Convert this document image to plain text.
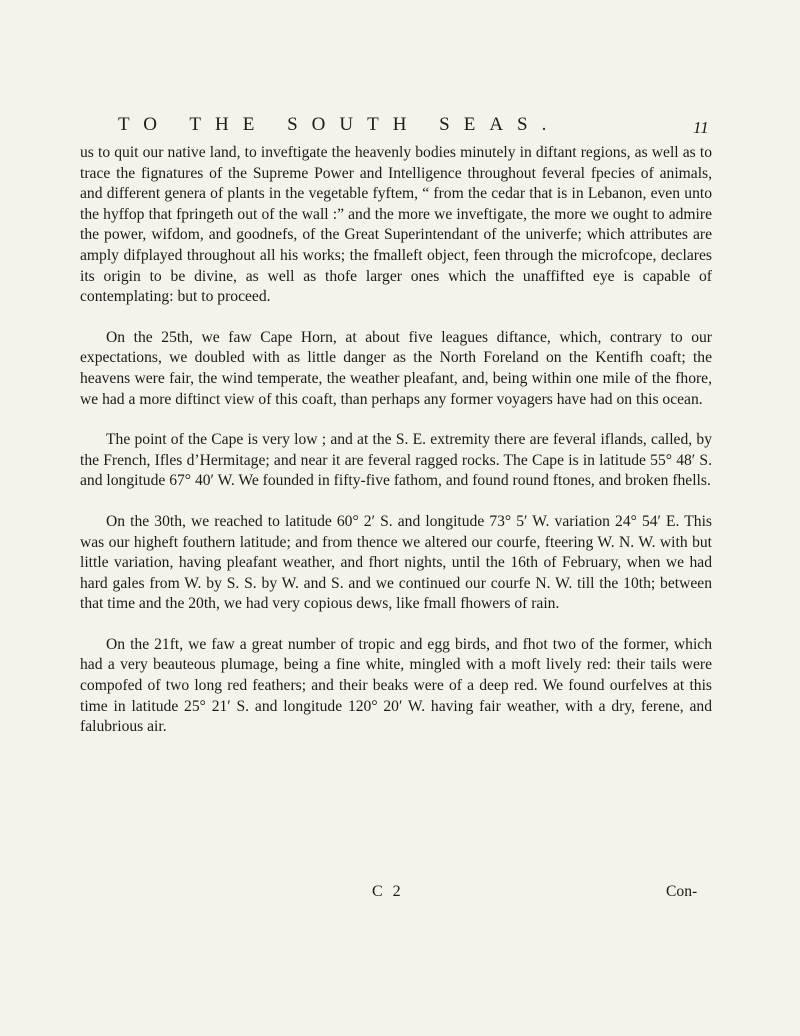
TO THE SOUTH SEAS.	11

us to quit our native land, to inveftigate the heavenly bodies minutely in diftant regions, as well as to trace the fignatures of the Supreme Power and Intelligence throughout feveral fpecies of animals, and different genera of plants in the vegetable fyftem, “ from the cedar that is in Lebanon, even unto the hyffop that fpringeth out of the wall :” and the more we inveftigate, the more we ought to admire the power, wifdom, and goodnefs, of the Great Superintendant of the univerfe; which attributes are amply difplayed throughout all his works; the fmalleft object, feen through the microfcope, declares its origin to be divine, as well as thofe larger ones which the unaffifted eye is capable of contemplating: but to proceed.

On the 25th, we faw Cape Horn, at about five leagues diftance, which, contrary to our expectations, we doubled with as little danger as the North Foreland on the Kentifh coaft; the heavens were fair, the wind temperate, the weather pleafant, and, being within one mile of the fhore, we had a more diftinct view of this coaft, than perhaps any former voyagers have had on this ocean.

The point of the Cape is very low ; and at the S. E. extremity there are feveral iflands, called, by the French, Ifles d’Hermitage; and near it are feveral ragged rocks. The Cape is in latitude 55° 48′ S. and longitude 67° 40′ W. We founded in fifty-five fathom, and found round ftones, and broken fhells.

On the 30th, we reached to latitude 60° 2′ S. and longitude 73° 5′ W. variation 24° 54′ E. This was our higheft fouthern latitude; and from thence we altered our courfe, fteering W. N. W. with but little variation, having pleafant weather, and fhort nights, until the 16th of February, when we had hard gales from W. by S. S. by W. and S. and we continued our courfe N. W. till the 10th; between that time and the 20th, we had very copious dews, like fmall fhowers of rain.

On the 21ft, we faw a great number of tropic and egg birds, and fhot two of the former, which had a very beauteous plumage, being a fine white, mingled with a moft lively red: their tails were compofed of two long red feathers; and their beaks were of a deep red. We found ourfelves at this time in latitude 25° 21′ S. and longitude 120° 20′ W. having fair weather, with a dry, ferene, and falubrious air.

C 2	Con-
